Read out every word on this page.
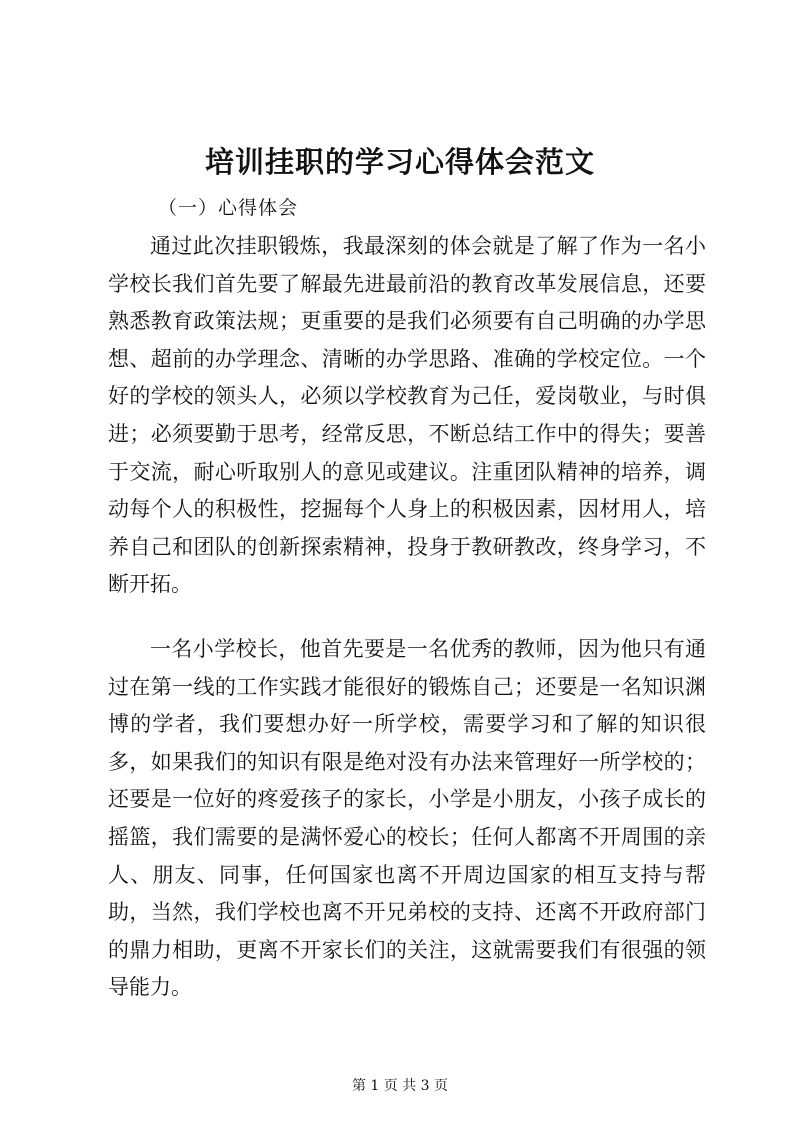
培训挂职的学习心得体会范文
（一）心得体会

通过此次挂职锻炼，我最深刻的体会就是了解了作为一名小学校长我们首先要了解最先进最前沿的教育改革发展信息，还要熟悉教育政策法规；更重要的是我们必须要有自己明确的办学思想、超前的办学理念、清晰的办学思路、准确的学校定位。一个好的学校的领头人，必须以学校教育为己任，爱岗敬业，与时俱进；必须要勤于思考，经常反思，不断总结工作中的得失；要善于交流，耐心听取别人的意见或建议。注重团队精神的培养，调动每个人的积极性，挖掘每个人身上的积极因素，因材用人，培养自己和团队的创新探索精神，投身于教研教改，终身学习，不断开拓。

一名小学校长，他首先要是一名优秀的教师，因为他只有通过在第一线的工作实践才能很好的锻炼自己；还要是一名知识渊博的学者，我们要想办好一所学校，需要学习和了解的知识很多，如果我们的知识有限是绝对没有办法来管理好一所学校的；还要是一位好的疼爱孩子的家长，小学是小朋友，小孩子成长的摇篮，我们需要的是满怀爱心的校长；任何人都离不开周围的亲人、朋友、同事，任何国家也离不开周边国家的相互支持与帮助，当然，我们学校也离不开兄弟校的支持、还离不开政府部门的鼎力相助，更离不开家长们的关注，这就需要我们有很强的领导能力。

第 1 页 共 3 页
